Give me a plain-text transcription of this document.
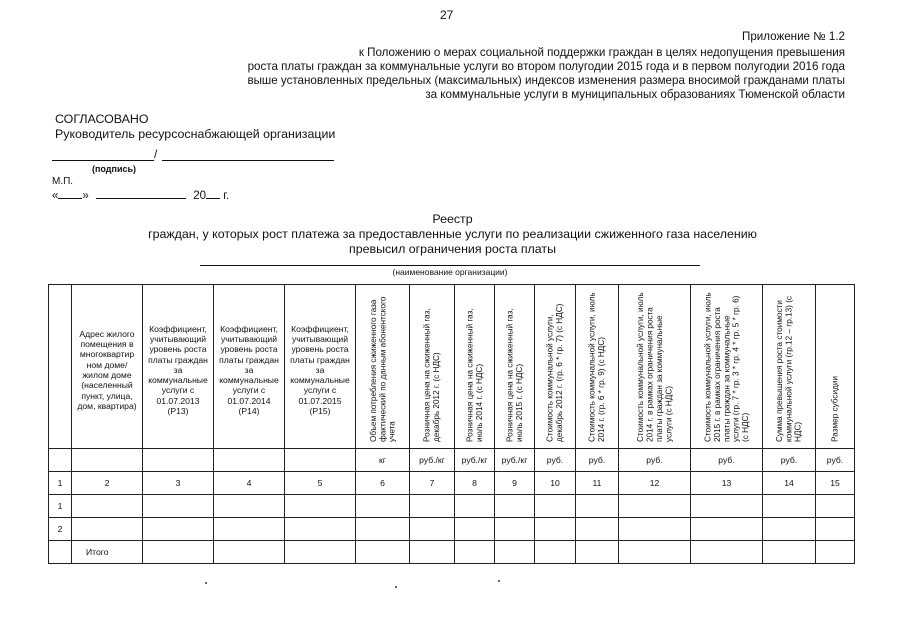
27
Приложение № 1.2
к Положению о мерах социальной поддержки граждан в целях недопущения превышения
роста платы граждан за коммунальные услуги во втором полугодии 2015 года и в первом полугодии 2016 года
выше установленных предельных (максимальных) индексов изменения размера вносимой гражданами платы
за коммунальные услуги в муниципальных образованиях Тюменской области
СОГЛАСОВАНО
Руководитель ресурсоснабжающей организации
/
(подпись)
М.П.
« »	20 г.
Реестр
граждан, у которых рост платежа за предоставленные услуги по реализации сжиженного газа населению
превысил ограничения роста платы
(наименование организации)
	Адрес жилого помещения в многоквартир ном доме/ жилом доме (населенный пункт, улица, дом, квартира)	Коэффициент, учитывающий уровень роста платы граждан за коммунальные услуги с 01.07.2013 (Р13)	Коэффициент, учитывающий уровень роста платы граждан за коммунальные услуги с 01.07.2014 (Р14)	Коэффициент, учитывающий уровень роста платы граждан за коммунальные услуги с 01.07.2015 (Р15)	Объем потребления сжиженного газа фактический по данным абонентского учета	Розничная цена на сжиженный газ, декабрь 2012 г. (с НДС)	Розничная цена на сжиженный газ, июль 2014 г. (с НДС)	Розничная цена на сжиженный газ, июль 2015 г. (с НДС)	Стоимость коммунальной услуги, декабрь 2012 г. (гр. 6 * гр. 7) (с НДС)	Стоимость коммунальной услуги, июль 2014 г. (гр. 6 * гр. 9) (с НДС)	Стоимость коммунальной услуги, июль 2014 г. в рамках ограничения роста платы граждан за коммунальные услуги (с НДС)	Стоимость коммунальной услуги, июль 2015 г. в рамках ограничения роста платы граждан за коммунальные услуги (гр. 7 * гр. 3 * гр. 4 * гр. 5 * гр. 6) (с НДС)	Сумма превышения роста стоимости коммунальной услуги (гр.12 – гр.13) (с НДС)	Размер субсидии

					кг	руб./кг	руб./кг	руб./кг	руб.	руб.	руб.	руб.	руб.	руб.
1	2	3	4	5	6	7	8	9	10	11	12	13	14	15
1														
2														
	Итого													
